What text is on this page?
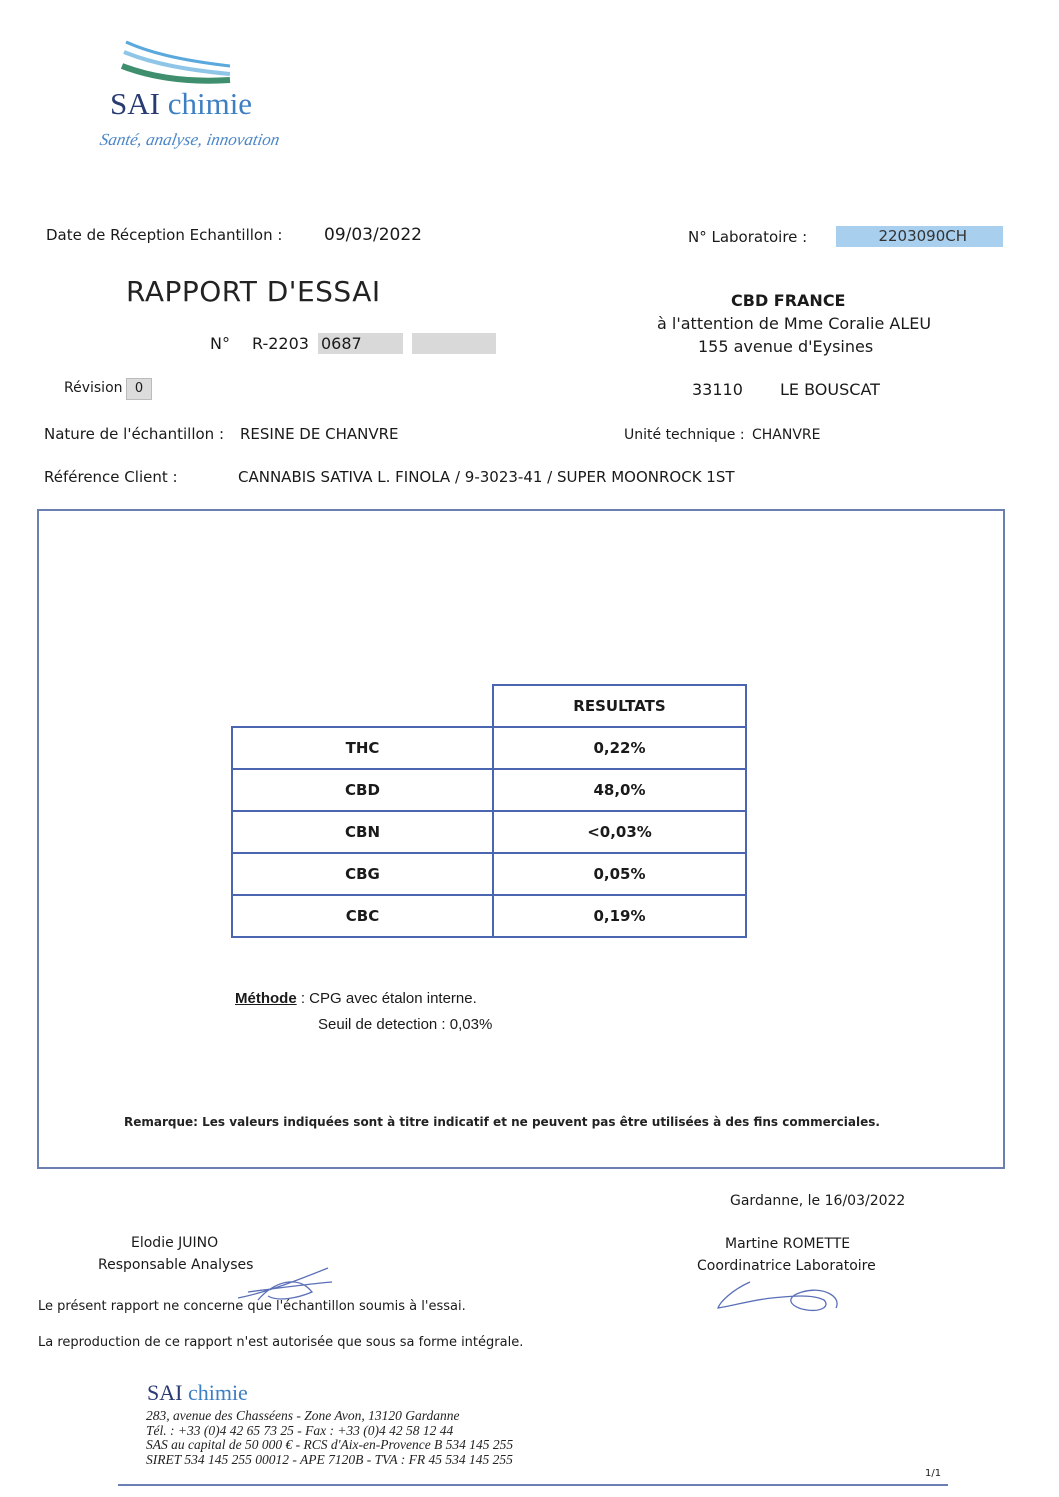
SAI chimie
Santé, analyse, innovation
Date de Réception Echantillon : 09/03/2022	N° Laboratoire :	2203090CH
RAPPORT D'ESSAI
N° R-2203 0687
Révision 0
CBD FRANCE
à l'attention de Mme Coralie ALEU
155 avenue d'Eysines
33110 LE BOUSCAT
Nature de l'échantillon : RESINE DE CHANVRE	Unité technique : CHANVRE
Référence Client :	CANNABIS SATIVA L. FINOLA / 9-3023-41 / SUPER MOONROCK 1ST
	RESULTATS
THC	0,22%
CBD	48,0%
CBN	<0,03%
CBG	0,05%
CBC	0,19%
Méthode : CPG avec étalon interne.
Seuil de detection : 0,03%
Remarque: Les valeurs indiquées sont à titre indicatif et ne peuvent pas être utilisées à des fins commerciales.
Gardanne, le 16/03/2022
Elodie JUINO
Responsable Analyses
Martine ROMETTE
Coordinatrice Laboratoire
Le présent rapport ne concerne que l'échantillon soumis à l'essai.
La reproduction de ce rapport n'est autorisée que sous sa forme intégrale.
SAI chimie
283, avenue des Chasséens - Zone Avon, 13120 Gardanne
Tél. : +33 (0)4 42 65 73 25 - Fax : +33 (0)4 42 58 12 44
SAS au capital de 50 000 € - RCS d'Aix-en-Provence B 534 145 255
SIRET 534 145 255 00012 - APE 7120B - TVA : FR 45 534 145 255
1/1
